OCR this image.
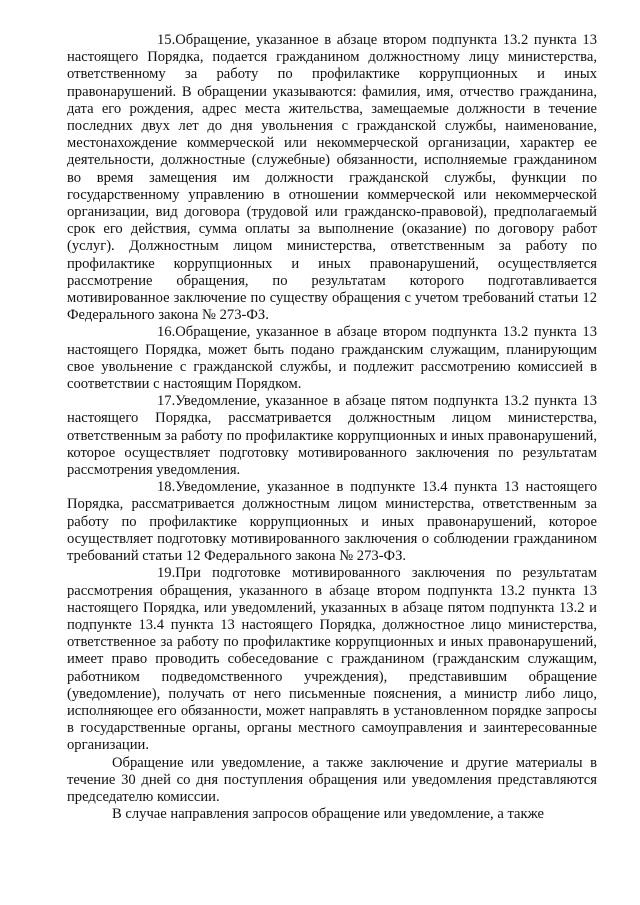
15.Обращение, указанное в абзаце втором подпункта 13.2 пункта 13 настоящего Порядка, подается гражданином должностному лицу министерства, ответственному за работу по профилактике коррупционных и иных правонарушений. В обращении указываются: фамилия, имя, отчество гражданина, дата его рождения, адрес места жительства, замещаемые должности в течение последних двух лет до дня увольнения с гражданской службы, наименование, местонахождение коммерческой или некоммерческой организации, характер ее деятельности, должностные (служебные) обязанности, исполняемые гражданином во время замещения им должности гражданской службы, функции по государственному управлению в отношении коммерческой или некоммерческой организации, вид договора (трудовой или гражданско-правовой), предполагаемый срок его действия, сумма оплаты за выполнение (оказание) по договору работ (услуг). Должностным лицом министерства, ответственным за работу по профилактике коррупционных и иных правонарушений, осуществляется рассмотрение обращения, по результатам которого подготавливается мотивированное заключение по существу обращения с учетом требований статьи 12 Федерального закона № 273-ФЗ.

16.Обращение, указанное в абзаце втором подпункта 13.2 пункта 13 настоящего Порядка, может быть подано гражданским служащим, планирующим свое увольнение с гражданской службы, и подлежит рассмотрению комиссией в соответствии с настоящим Порядком.

17.Уведомление, указанное в абзаце пятом подпункта 13.2 пункта 13 настоящего Порядка, рассматривается должностным лицом министерства, ответственным за работу по профилактике коррупционных и иных правонарушений, которое осуществляет подготовку мотивированного заключения по результатам рассмотрения уведомления.

18.Уведомление, указанное в подпункте 13.4 пункта 13 настоящего Порядка, рассматривается должностным лицом министерства, ответственным за работу по профилактике коррупционных и иных правонарушений, которое осуществляет подготовку мотивированного заключения о соблюдении гражданином требований статьи 12 Федерального закона № 273-ФЗ.

19.При подготовке мотивированного заключения по результатам рассмотрения обращения, указанного в абзаце втором подпункта 13.2 пункта 13 настоящего Порядка, или уведомлений, указанных в абзаце пятом подпункта 13.2 и подпункте 13.4 пункта 13 настоящего Порядка, должностное лицо министерства, ответственное за работу по профилактике коррупционных и иных правонарушений, имеет право проводить собеседование с гражданином (гражданским служащим, работником подведомственного учреждения), представившим обращение (уведомление), получать от него письменные пояснения, а министр либо лицо, исполняющее его обязанности, может направлять в установленном порядке запросы в государственные органы, органы местного самоуправления и заинтересованные организации.

Обращение или уведомление, а также заключение и другие материалы в течение 30 дней со дня поступления обращения или уведомления представляются председателю комиссии.

В случае направления запросов обращение или уведомление, а также
